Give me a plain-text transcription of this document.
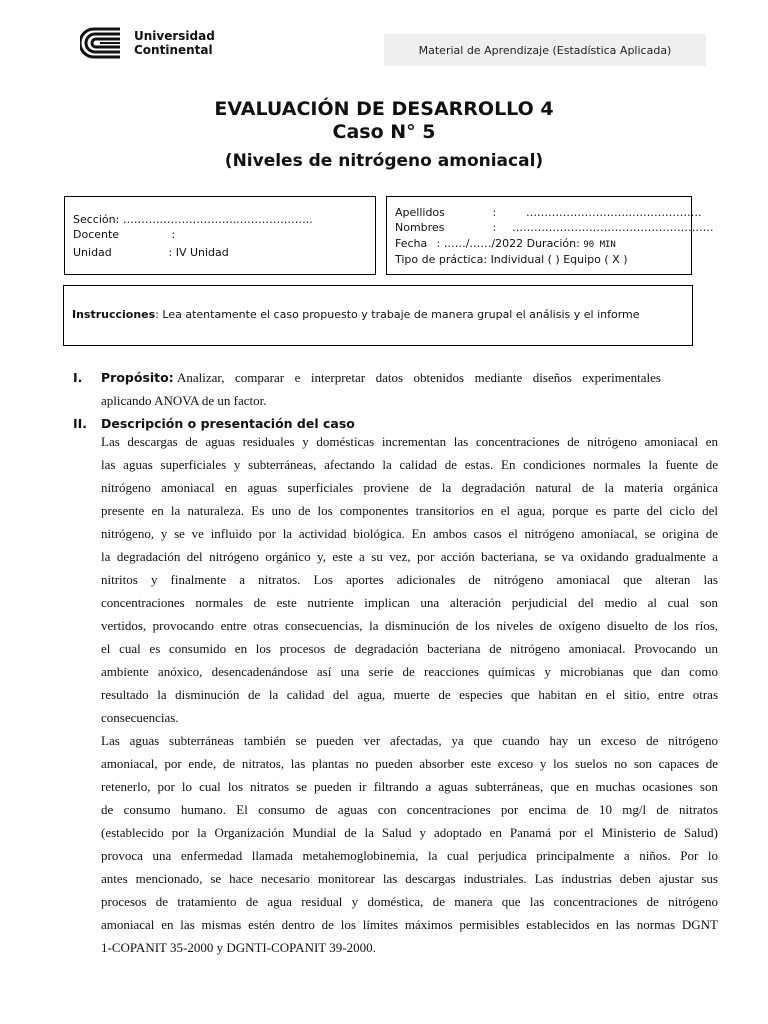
Universidad
Continental	Material de Aprendizaje (Estadística Aplicada)
EVALUACIÓN DE DESARROLLO 4
Caso N° 5
(Niveles de nitrógeno amoniacal)
Sección: …………………………..………………..
Docente	:
Unidad	: IV Unidad
Apellidos	:	………………………..……………….
Nombres	: ……………………………………………….
Fecha : ……/……/2022 Duración: 90 MIN
Tipo de práctica: Individual ( ) Equipo ( X )
Instrucciones: Lea atentamente el caso propuesto y trabaje de manera grupal el análisis y el informe
I. Propósito: Analizar, comparar e interpretar datos obtenidos mediante diseños experimentales
aplicando ANOVA de un factor.
II. Descripción o presentación del caso
Las descargas de aguas residuales y domésticas incrementan las concentraciones de nitrógeno amoniacal en
las aguas superficiales y subterráneas, afectando la calidad de estas. En condiciones normales la fuente de
nitrógeno amoniacal en aguas superficiales proviene de la degradación natural de la materia orgánica
presente en la naturaleza. Es uno de los componentes transitorios en el agua, porque es parte del ciclo del
nitrógeno, y se ve influido por la actividad biológica. En ambos casos el nitrógeno amoniacal, se origina de
la degradación del nitrógeno orgánico y, este a su vez, por acción bacteriana, se va oxidando gradualmente a
nitritos y finalmente a nitratos. Los aportes adicionales de nitrógeno amoniacal que alteran las
concentraciones normales de este nutriente implican una alteración perjudicial del medio al cual son
vertidos, provocando entre otras consecuencias, la disminución de los niveles de oxígeno disuelto de los ríos,
el cual es consumido en los procesos de degradación bacteriana de nitrógeno amoniacal. Provocando un
ambiente anóxico, desencadenándose así una serie de reacciones químicas y microbianas que dan como
resultado la disminución de la calidad del agua, muerte de especies que habitan en el sitio, entre otras
consecuencias.
Las aguas subterráneas también se pueden ver afectadas, ya que cuando hay un exceso de nitrógeno
amoniacal, por ende, de nitratos, las plantas no pueden absorber este exceso y los suelos no son capaces de
retenerlo, por lo cual los nitratos se pueden ir filtrando a aguas subterráneas, que en muchas ocasiones son
de consumo humano. El consumo de aguas con concentraciones por encima de 10 mg/l de nitratos
(establecido por la Organización Mundial de la Salud y adoptado en Panamá por el Ministerio de Salud)
provoca una enfermedad llamada metahemoglobinemia, la cual perjudica principalmente a niños. Por lo
antes mencionado, se hace necesario monitorear las descargas industriales. Las industrias deben ajustar sus
procesos de tratamiento de agua residual y doméstica, de manera que las concentraciones de nitrógeno
amoniacal en las mismas estén dentro de los límites máximos permisibles establecidos en las normas DGNT
1-COPANIT 35-2000 y DGNTI-COPANIT 39-2000.
